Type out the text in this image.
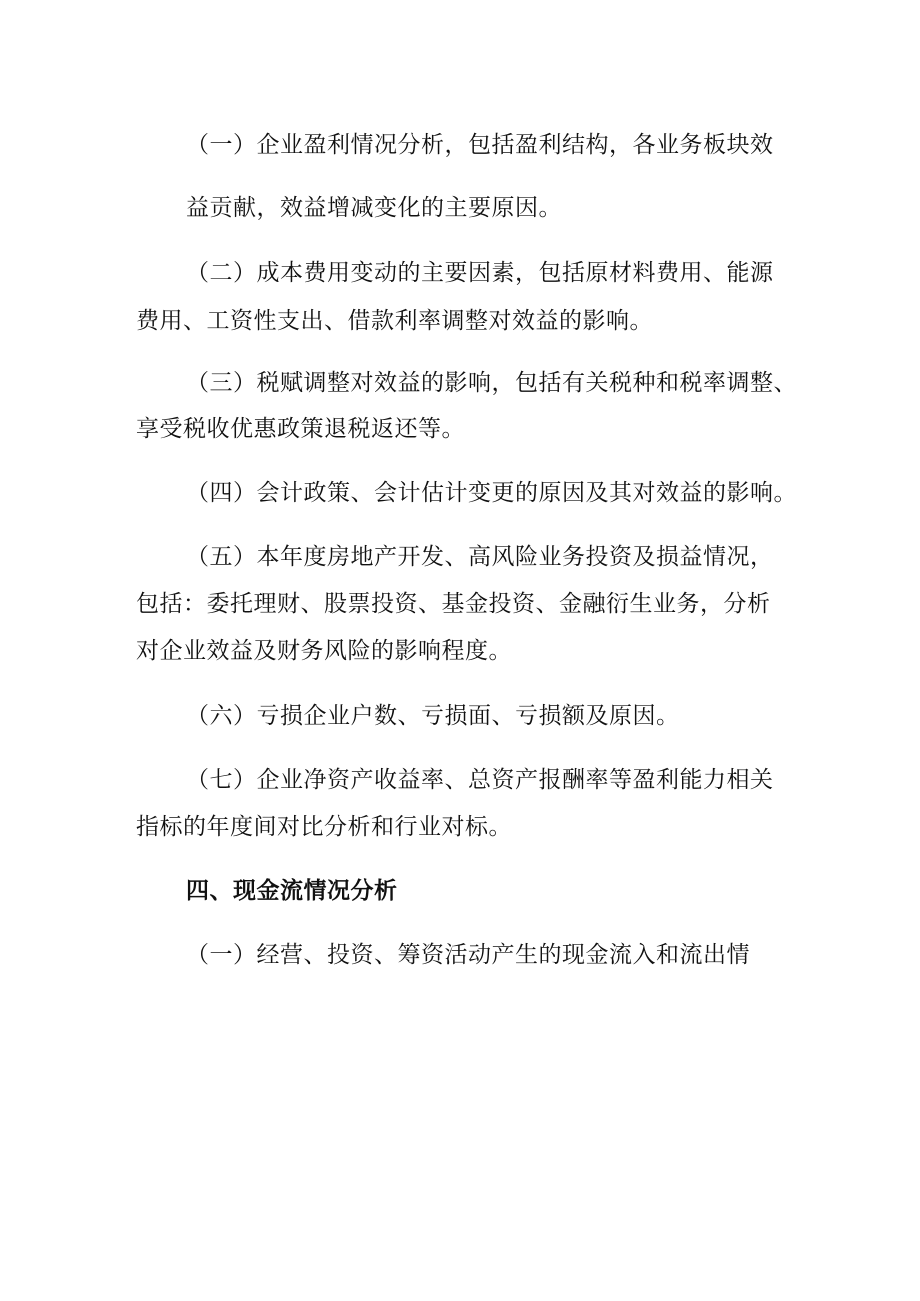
（一）企业盈利情况分析，包括盈利结构，各业务板块效
益贡献，效益增减变化的主要原因。
（二）成本费用变动的主要因素，包括原材料费用、能源
费用、工资性支出、借款利率调整对效益的影响。
（三）税赋调整对效益的影响，包括有关税种和税率调整、
享受税收优惠政策退税返还等。
（四）会计政策、会计估计变更的原因及其对效益的影响。
（五）本年度房地产开发、高风险业务投资及损益情况，
包括：委托理财、股票投资、基金投资、金融衍生业务，分析
对企业效益及财务风险的影响程度。
（六）亏损企业户数、亏损面、亏损额及原因。
（七）企业净资产收益率、总资产报酬率等盈利能力相关
指标的年度间对比分析和行业对标。
四、现金流情况分析
（一）经营、投资、筹资活动产生的现金流入和流出情
